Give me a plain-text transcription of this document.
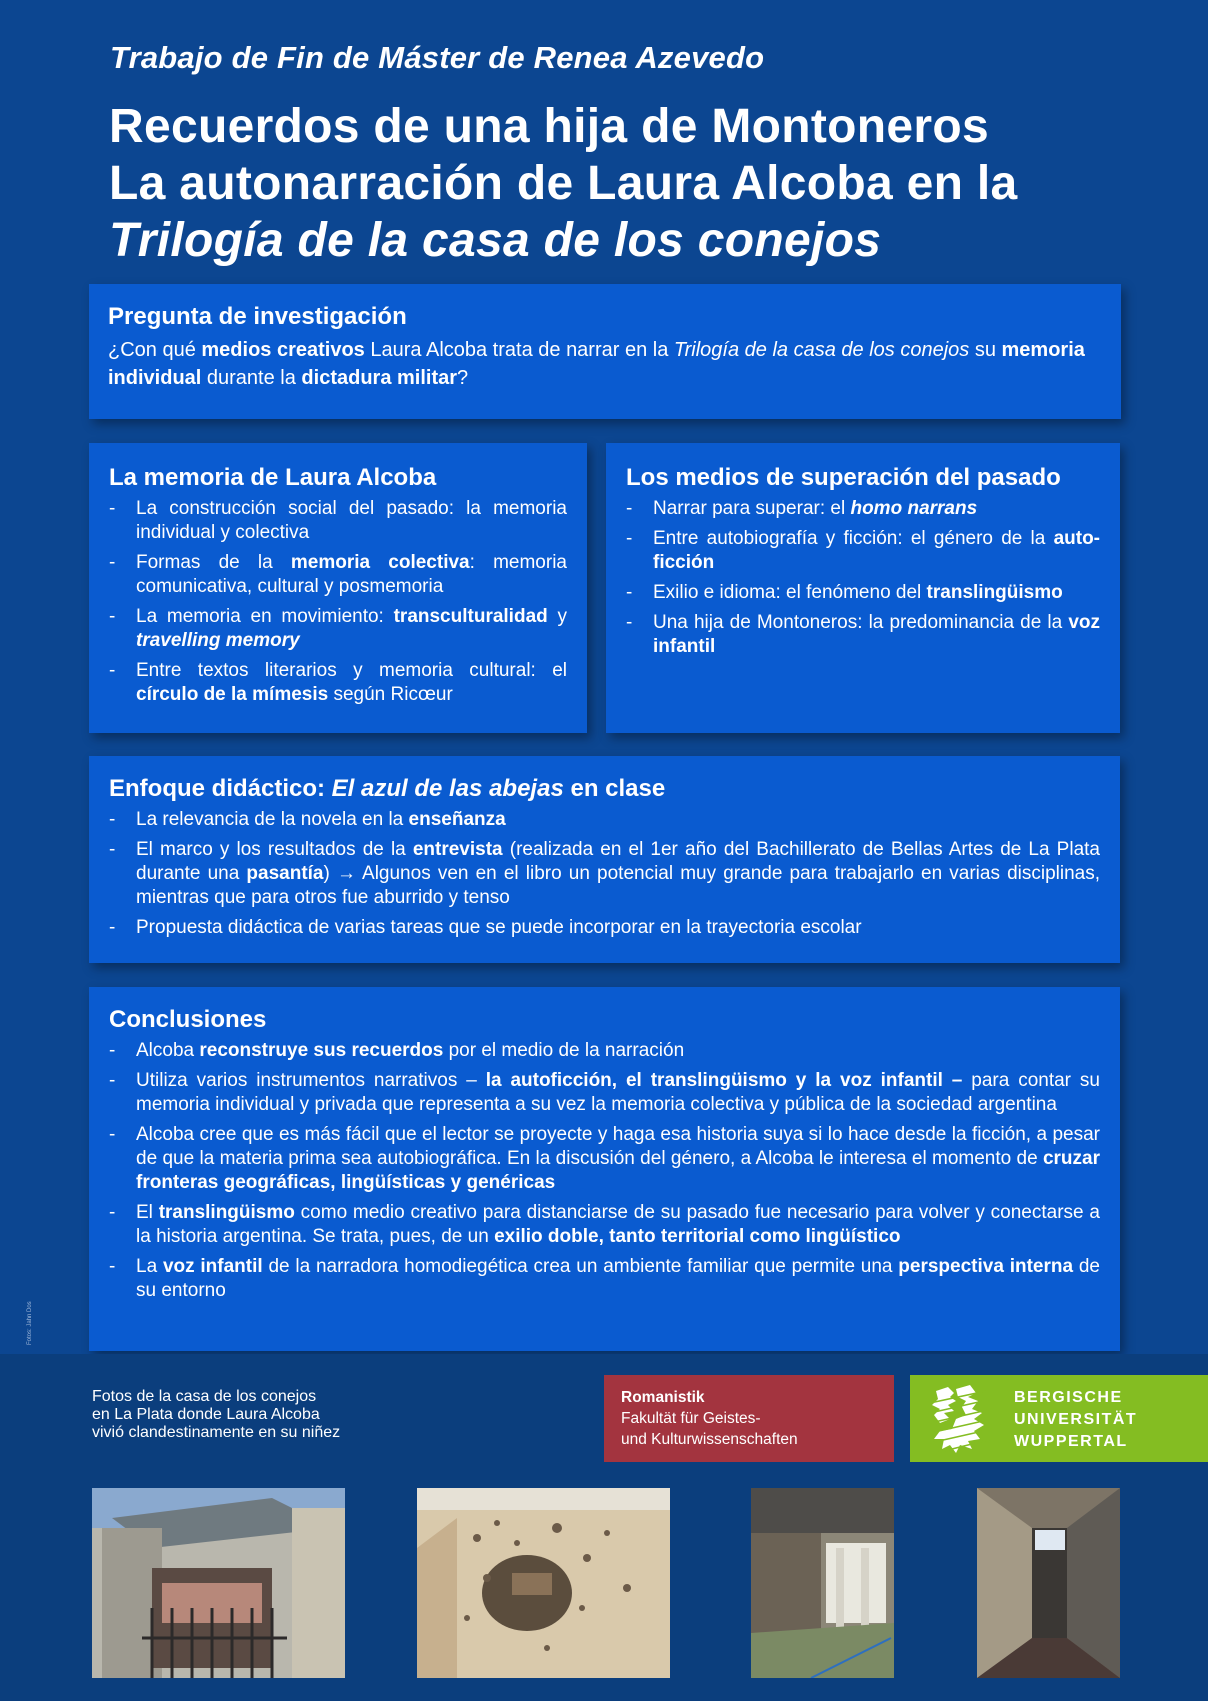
Trabajo de Fin de Máster de Renea Azevedo
Recuerdos de una hija de Montoneros
La autonarración de Laura Alcoba en la
Trilogía de la casa de los conejos
Pregunta de investigación

¿Con qué medios creativos Laura Alcoba trata de narrar en la Trilogía de la casa de los conejos su memoria individual durante la dictadura militar?

La memoria de Laura Alcoba
- La construcción social del pasado: la memoria individual y colectiva
- Formas de la memoria colectiva: memoria comunicativa, cultural y posmemoria
- La memoria en movimiento: transculturalidad y travelling memory
- Entre textos literarios y memoria cultural: el círculo de la mímesis según Ricœur
Los medios de superación del pasado
- Narrar para superar: el homo narrans
- Entre autobiografía y ficción: el género de la auto-ficción
- Exilio e idioma: el fenómeno del translingüismo
- Una hija de Montoneros: la predominancia de la voz infantil
Enfoque didáctico: El azul de las abejas en clase
- La relevancia de la novela en la enseñanza
- El marco y los resultados de la entrevista (realizada en el 1er año del Bachillerato de Bellas Artes de La Plata durante una pasantía) → Algunos ven en el libro un potencial muy grande para trabajarlo en varias disciplinas, mientras que para otros fue aburrido y tenso
- Propuesta didáctica de varias tareas que se puede incorporar en la trayectoria escolar
Conclusiones
- Alcoba reconstruye sus recuerdos por el medio de la narración
- Utiliza varios instrumentos narrativos – la autoficción, el translingüismo y la voz infantil – para contar su memoria individual y privada que representa a su vez la memoria colectiva y pública de la sociedad argentina
- Alcoba cree que es más fácil que el lector se proyecte y haga esa historia suya si lo hace desde la ficción, a pesar de que la materia prima sea autobiográfica. En la discusión del género, a Alcoba le interesa el momento de cruzar fronteras geográficas, lingüísticas y genéricas
- El translingüismo como medio creativo para distanciarse de su pasado fue necesario para volver y conectarse a la historia argentina. Se trata, pues, de un exilio doble, tanto territorial como lingüístico
- La voz infantil de la narradora homodiegética crea un ambiente familiar que permite una perspectiva interna de su entorno
Fotos: Jahn Dos
Fotos de la casa de los conejos
en La Plata donde Laura Alcoba
vivió clandestinamente en su niñez
Romanistik
Fakultät für Geistes-
und Kulturwissenschaften
BERGISCHE
UNIVERSITÄT
WUPPERTAL
